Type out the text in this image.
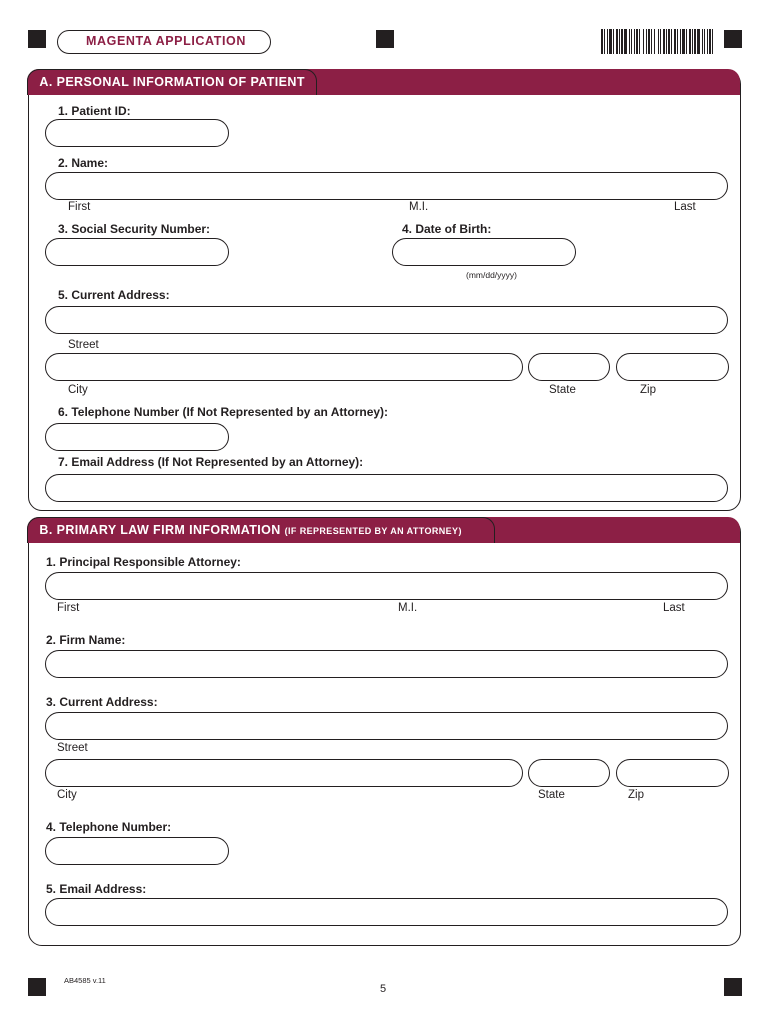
MAGENTA APPLICATION
A. PERSONAL INFORMATION OF PATIENT
1. Patient ID:
2. Name:
First	M.I.	Last
3. Social Security Number:	4. Date of Birth:
(mm/dd/yyyy)
5. Current Address:
Street
City	State	Zip
6. Telephone Number (If Not Represented by an Attorney):
7. Email Address (If Not Represented by an Attorney):
B. PRIMARY LAW FIRM INFORMATION (IF REPRESENTED BY AN ATTORNEY)
1. Principal Responsible Attorney:
First	M.I.	Last
2. Firm Name:
3. Current Address:
Street
City	State	Zip
4. Telephone Number:
5. Email Address:
AB4585 v.11
5
